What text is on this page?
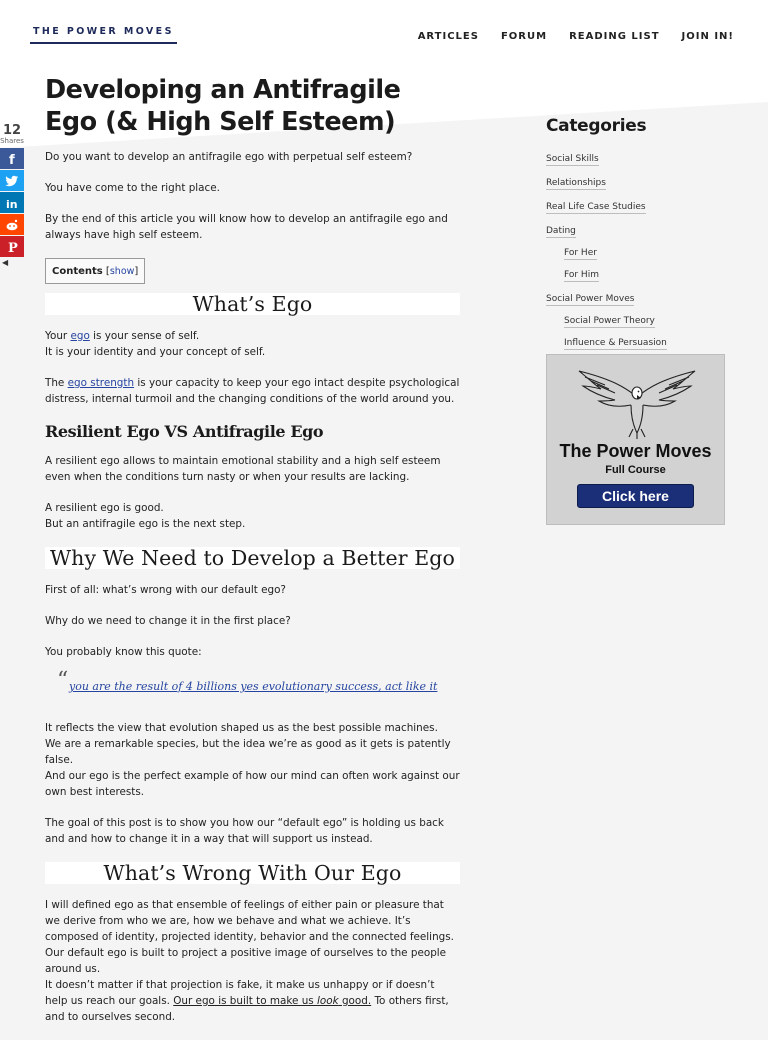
THE POWER MOVES	ARTICLES FORUM READING LIST JOIN IN!
12
Shares
f
in
P
◀
Developing an Antifragile Ego (& High Self Esteem)

Do you want to develop an antifragile ego with perpetual self esteem?

You have come to the right place.

By the end of this article you will know how to develop an antifragile ego and always have high self esteem.

Contents [show]
What’s Ego

Your ego is your sense of self.
It is your identity and your concept of self.

The ego strength is your capacity to keep your ego intact despite psychological distress, internal turmoil and the changing conditions of the world around you.

Resilient Ego VS Antifragile Ego

A resilient ego allows to maintain emotional stability and a high self esteem even when the conditions turn nasty or when your results are lacking.

A resilient ego is good.
But an antifragile ego is the next step.

Why We Need to Develop a Better Ego

First of all: what’s wrong with our default ego?

Why do we need to change it in the first place?

You probably know this quote:

“ you are the result of 4 billions yes evolutionary success, act like it

It reflects the view that evolution shaped us as the best possible machines.
We are a remarkable species, but the idea we’re as good as it gets is patently false.
And our ego is the perfect example of how our mind can often work against our own best interests.

The goal of this post is to show you how our “default ego” is holding us back and and how to change it in a way that will support us instead.

What’s Wrong With Our Ego

I will defined ego as that ensemble of feelings of either pain or pleasure that we derive from who we are, how we behave and what we achieve. It’s composed of identity, projected identity, behavior and the connected feelings.
Our default ego is built to project a positive image of ourselves to the people around us.
It doesn’t matter if that projection is fake, it make us unhappy or if doesn’t help us reach our goals. Our ego is built to make us look good. To others first, and to ourselves second.

Categories
Social Skills
Relationships
Real Life Case Studies
Dating
For Her
For Him
Social Power Moves
Social Power Theory
Influence & Persuasion
The Power Moves
Full Course
Click here
